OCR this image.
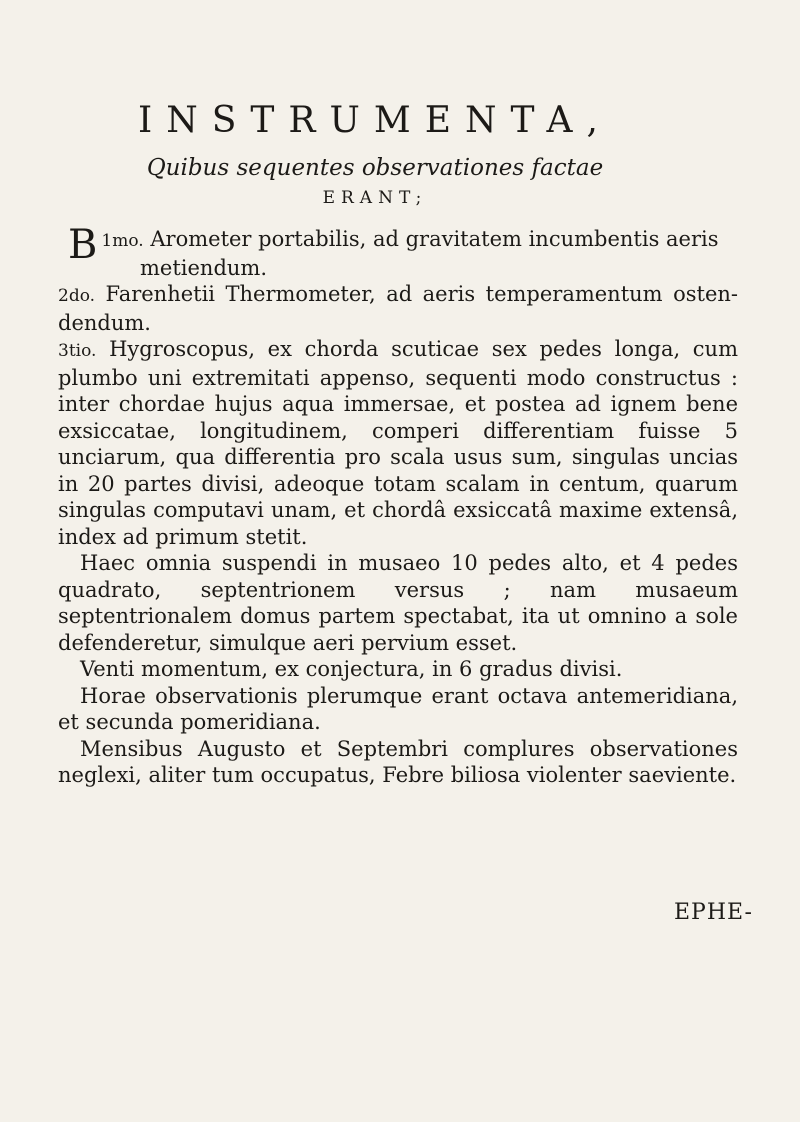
INSTRUMENTA,
Quibus sequentes observationes factae
ERANT;
1mo.
B	Arometer portabilis, ad gravitatem incumbentis aeris
metiendum.

2do. Farenhetii Thermometer, ad aeris temperamentum osten-dendum.

3tio. Hygroscopus, ex chorda scuticae sex pedes longa, cum plumbo uni extremitati appenso, sequenti modo constructus : inter chordae hujus aqua immersae, et postea ad ignem bene exsiccatae, longitudinem, comperi differentiam fuisse 5 unciarum, qua differentia pro scala usus sum, singulas uncias in 20 partes divisi, adeoque totam scalam in centum, quarum singulas computavi unam, et chordâ exsiccatâ maxime extensâ, index ad primum stetit.

Haec omnia suspendi in musaeo 10 pedes alto, et 4 pedes quadrato, septentrionem versus ; nam musaeum septentrionalem domus partem spectabat, ita ut omnino a sole defenderetur, simulque aeri pervium esset.

Venti momentum, ex conjectura, in 6 gradus divisi.

Horae observationis plerumque erant octava antemeridiana, et secunda pomeridiana.

Mensibus Augusto et Septembri complures observationes neglexi, aliter tum occupatus, Febre biliosa violenter saeviente.

EPHE-
